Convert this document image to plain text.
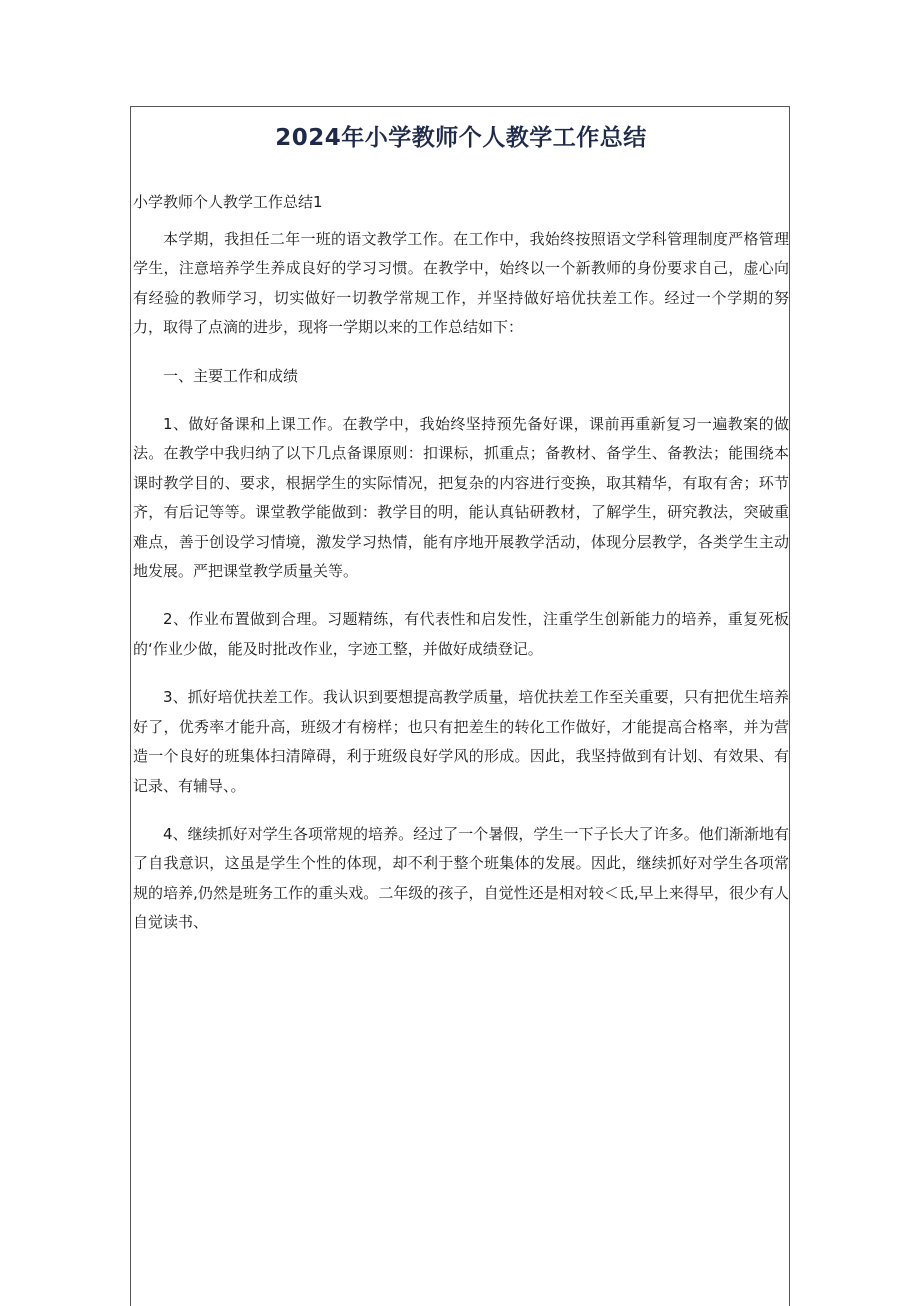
2024年小学教师个人教学工作总结

小学教师个人教学工作总结1

本学期，我担任二年一班的语文教学工作。在工作中，我始终按照语文学科管理制度严格管理学生，注意培养学生养成良好的学习习惯。在教学中，始终以一个新教师的身份要求自己，虚心向有经验的教师学习，切实做好一切教学常规工作，并坚持做好培优扶差工作。经过一个学期的努力，取得了点滴的进步，现将一学期以来的工作总结如下：

一、主要工作和成绩

1、做好备课和上课工作。在教学中，我始终坚持预先备好课，课前再重新复习一遍教案的做法。在教学中我归纳了以下几点备课原则：扣课标，抓重点；备教材、备学生、备教法；能围绕本课时教学目的、要求，根据学生的实际情况，把复杂的内容进行变换，取其精华，有取有舍；环节齐，有后记等等。课堂教学能做到：教学目的明，能认真钻研教材，了解学生，研究教法，突破重难点，善于创设学习情境，激发学习热情，能有序地开展教学活动，体现分层教学，各类学生主动地发展。严把课堂教学质量关等。

2、作业布置做到合理。习题精练，有代表性和启发性，注重学生创新能力的培养，重复死板的‘作业少做，能及时批改作业，字迹工整，并做好成绩登记。

3、抓好培优扶差工作。我认识到要想提高教学质量，培优扶差工作至关重要，只有把优生培养好了，优秀率才能升高，班级才有榜样；也只有把差生的转化工作做好，才能提高合格率，并为营造一个良好的班集体扫清障碍，利于班级良好学风的形成。因此，我坚持做到有计划、有效果、有记录、有辅导、。

4、继续抓好对学生各项常规的培养。经过了一个暑假，学生一下子长大了许多。他们渐渐地有了自我意识，这虽是学生个性的体现，却不利于整个班集体的发展。因此，继续抓好对学生各项常规的培养,仍然是班务工作的重头戏。二年级的孩子，自觉性还是相对较＜氐,早上来得早，很少有人自觉读书、
